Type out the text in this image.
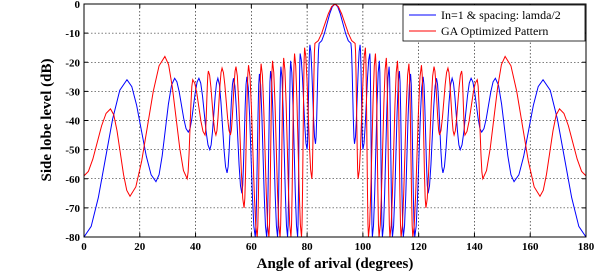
0	20	40	60	80	100	120	140	160	180
0
-10
-20
-30
-40
-50
-60
-70
-80
In=1 & spacing: lamda/2
GA Optimized Pattern
Angle of arival (degrees)
Side lobe level (dB)
